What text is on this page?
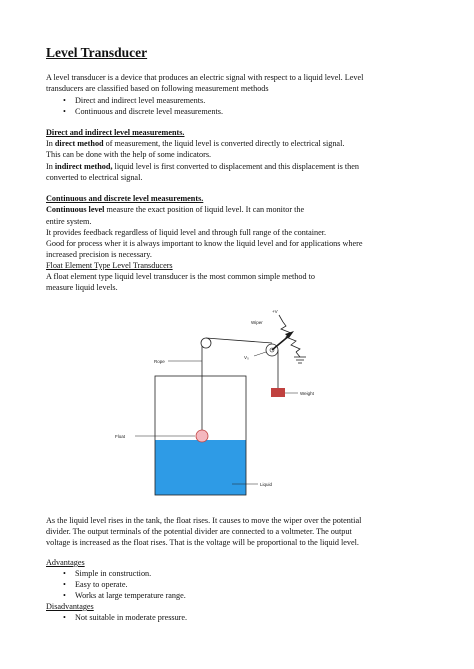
Level Transducer
A level transducer is a device that produces an electric signal with respect to a liquid level. Level
transducers are classified based on following measurement methods
• Direct and indirect level measurements.
• Continuous and discrete level measurements.
Direct and indirect level measurements.
In direct method of measurement, the liquid level is converted directly to electrical signal.
This can be done with the help of some indicators.
In indirect method, liquid level is first converted to displacement and this displacement is then
converted to electrical signal.
Continuous and discrete level measurements.
Continuous level measure the exact position of liquid level. It can monitor the
entire system.
It provides feedback regardless of liquid level and through full range of the container.
Good for process wher it is always important to know the liquid level and for applications where
increased precision is necessary.
Float Element Type Level Transducers
A float element type liquid level transducer is the most common simple method to
measure liquid levels.
+V
Wiper
Rope
V₀
Weight
Float
Liquid
As the liquid level rises in the tank, the float rises. It causes to move the wiper over the potential
divider. The output terminals of the potential divider are connected to a voltmeter. The output
voltage is increased as the float rises. That is the voltage will be proportional to the liquid level.
Advantages
• Simple in construction.
• Easy to operate.
• Works at large temperature range.
Disadvantages
• Not suitable in moderate pressure.
